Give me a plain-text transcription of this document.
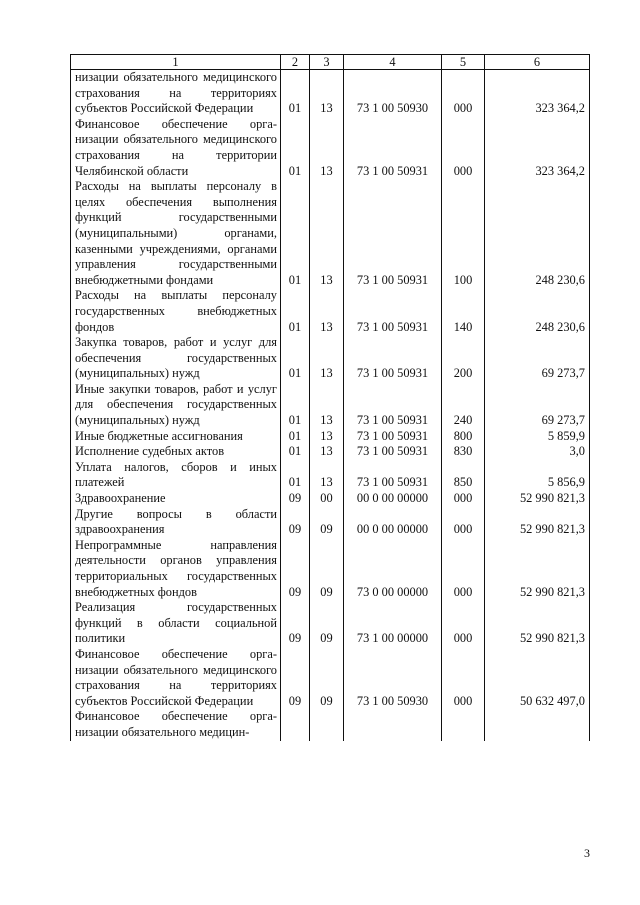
1	2	3	4	5	6
низации обязательного медицинского страхования на территориях субъектов Российской Федерации	01	13	73 1 00 50930	000	323 364,2
Финансовое обеспечение организации обязательного медицинского страхования на территории Челябинской области	01	13	73 1 00 50931	000	323 364,2
Расходы на выплаты персоналу в целях обеспечения выполнения функций государственными (муниципальными) органами, казенными учреждениями, органами управления государственными внебюджетными фондами	01	13	73 1 00 50931	100	248 230,6
Расходы на выплаты персоналу государственных внебюджетных фондов	01	13	73 1 00 50931	140	248 230,6
Закупка товаров, работ и услуг для обеспечения государственных (муниципальных) нужд	01	13	73 1 00 50931	200	69 273,7
Иные закупки товаров, работ и услуг для обеспечения государственных (муниципальных) нужд	01	13	73 1 00 50931	240	69 273,7
Иные бюджетные ассигнования	01	13	73 1 00 50931	800	5 859,9
Исполнение судебных актов	01	13	73 1 00 50931	830	3,0
Уплата налогов, сборов и иных платежей	01	13	73 1 00 50931	850	5 856,9
Здравоохранение	09	00	00 0 00 00000	000	52 990 821,3
Другие вопросы в области здравоохранения	09	09	00 0 00 00000	000	52 990 821,3
Непрограммные направления деятельности органов управления территориальных государственных внебюджетных фондов	09	09	73 0 00 00000	000	52 990 821,3
Реализация государственных функций в области социальной политики	09	09	73 1 00 00000	000	52 990 821,3
Финансовое обеспечение организации обязательного медицинского страхования на территориях субъектов Российской Федерации	09	09	73 1 00 50930	000	50 632 497,0
Финансовое обеспечение организации обязательного медицин-					
3
